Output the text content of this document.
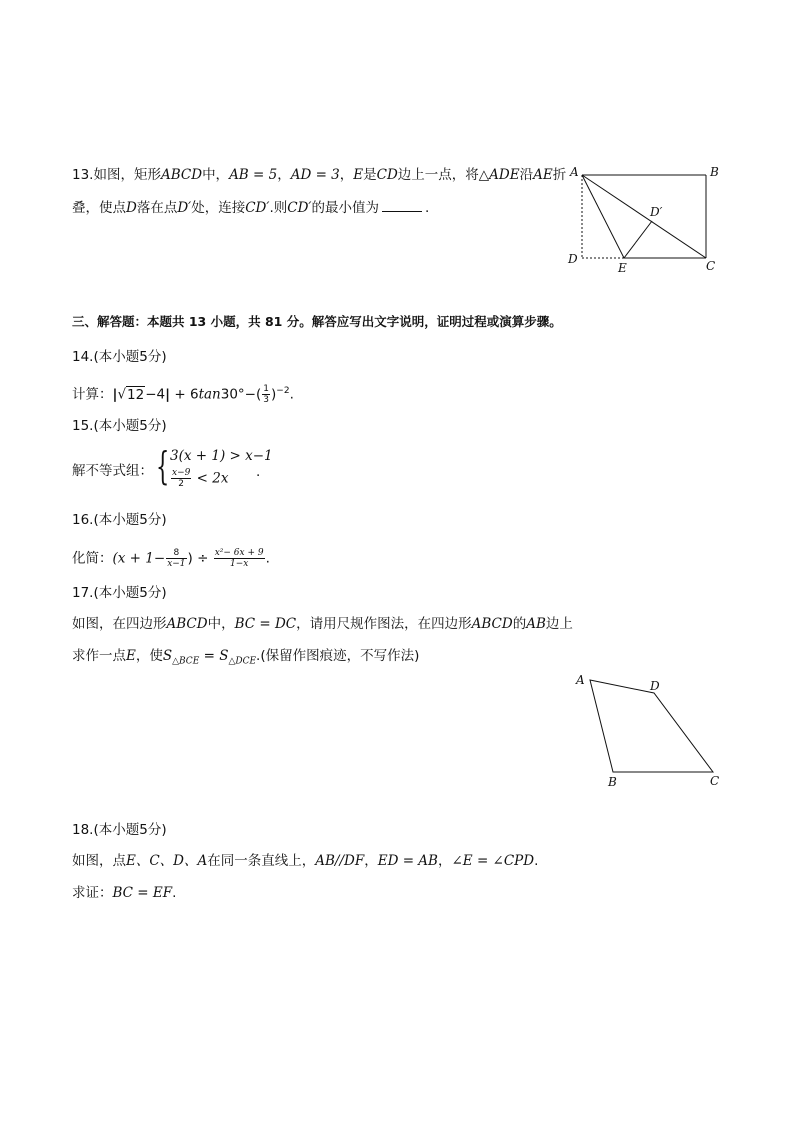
13.如图，矩形ABCD中，AB = 5，AD = 3，E是CD边上一点，将△ADE沿AE折
叠，使点D落在点D′处，连接CD′.则CD′的最小值为	.
A	B
C
D
E
D′
三、解答题：本题共 13 小题，共 81 分。解答应写出文字说明，证明过程或演算步骤。
14.(本小题5分)
计算：$|√12-4| + 6\tan 30^\circ-( \frac{1}{3} )^{-2}$.
15.(本小题5分)
解不等式组： { 3(x + 1) > x−1
$\frac{x-9}{2} < 2x$ .
16.(本小题5分)
化简：($x + 1- \frac{8}{x-1}$ ) ÷ $\frac{\text{x²− 6x + 9}}{1-x}$ .
17.(本小题5分)
如图，在四边形ABCD中，BC = DC，请用尺规作图法，在四边形ABCD的AB边上
求作一点E，使$S_{\triangle BCE} = S_{\triangle DCE}$.(保留作图痕迹，不写作法)
A	D
B	C
18.(本小题5分)
如图，点E、C、D、A在同一条直线上，AB//DF，ED = AB，∠E = ∠CPD.
求证：BC = EF.
